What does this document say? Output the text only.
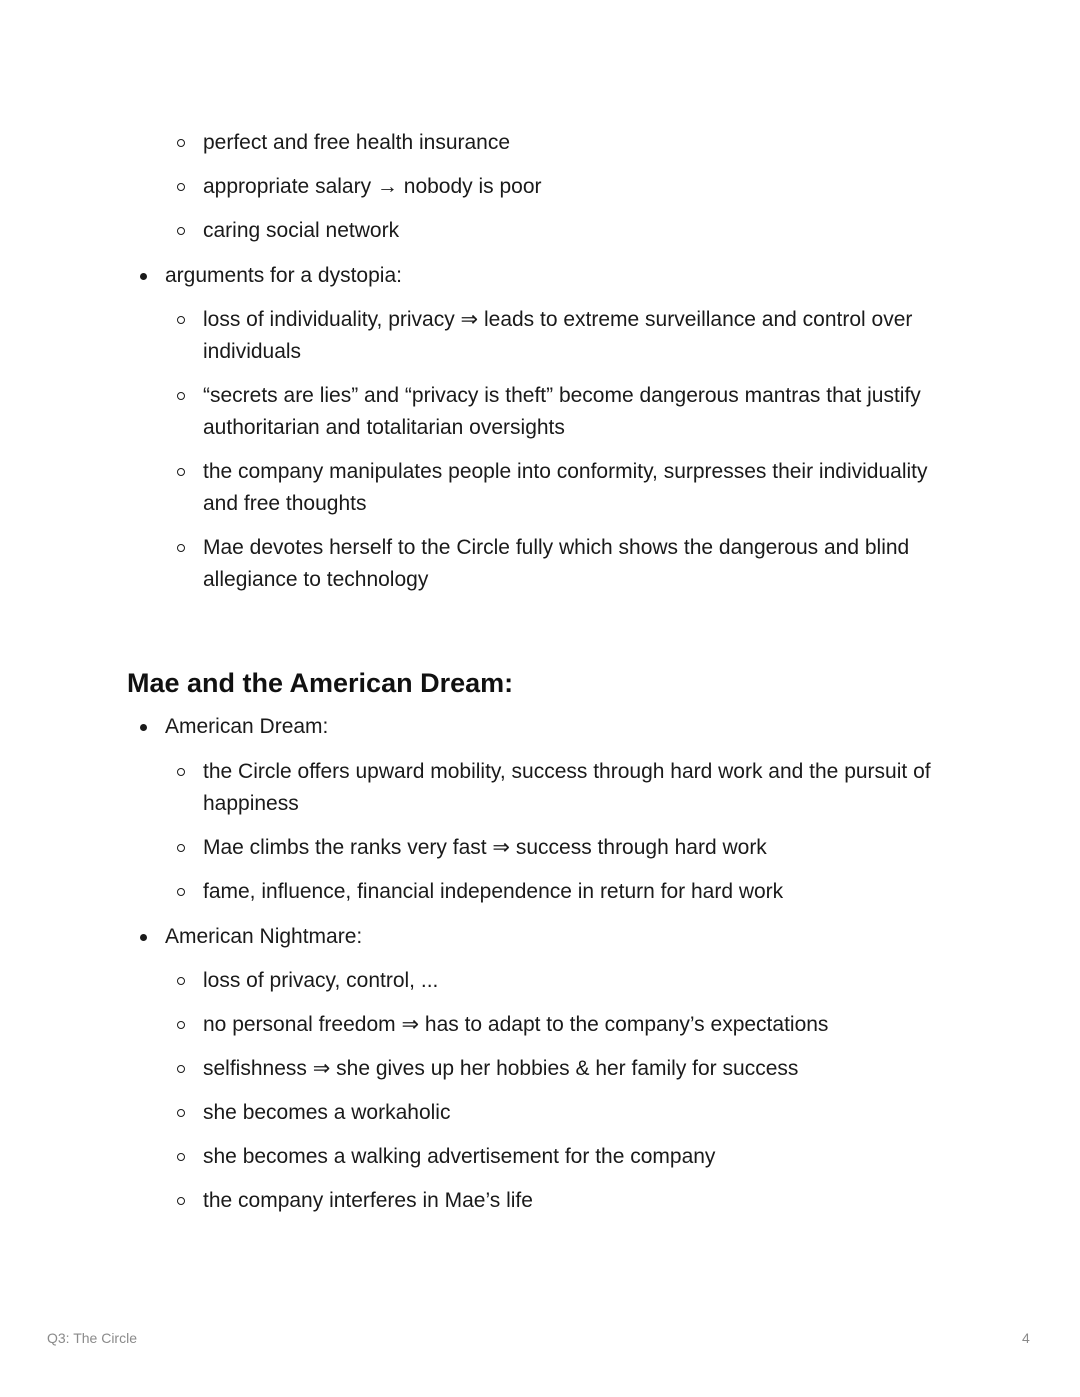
perfect and free health insurance
appropriate salary → nobody is poor
caring social network
arguments for a dystopia:
loss of individuality, privacy ⇒ leads to extreme surveillance and control over individuals
“secrets are lies” and “privacy is theft” become dangerous mantras that justify authoritarian and totalitarian oversights
the company manipulates people into conformity, surpresses their individuality and free thoughts
Mae devotes herself to the Circle fully which shows the dangerous and blind allegiance to technology
Mae and the American Dream:
American Dream:
the Circle offers upward mobility, success through hard work and the pursuit of happiness
Mae climbs the ranks very fast ⇒ success through hard work
fame, influence, financial independence in return for hard work
American Nightmare:
loss of privacy, control, ...
no personal freedom ⇒ has to adapt to the company’s expectations
selfishness ⇒ she gives up her hobbies & her family for success
she becomes a workaholic
she becomes a walking advertisement for the company
the company interferes in Mae’s life
Q3: The Circle	4
